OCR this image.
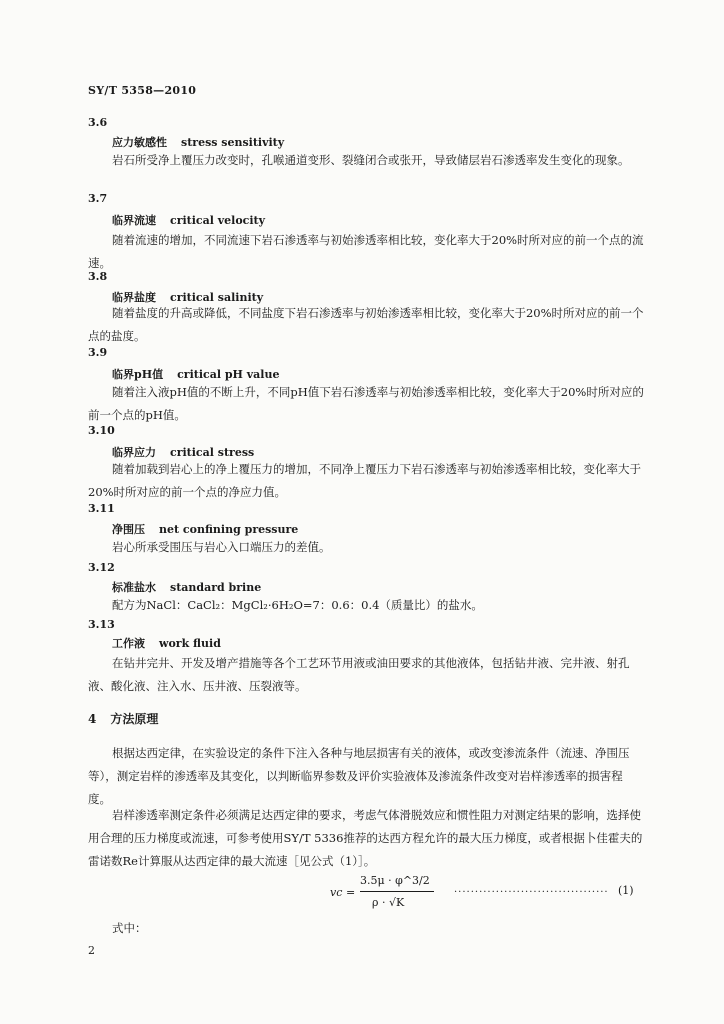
SY/T 5358—2010
3.6
应力敏感性 stress sensitivity
岩石所受净上覆压力改变时，孔喉通道变形、裂缝闭合或张开，导致储层岩石渗透率发生变化的现象。
3.7
临界流速 critical velocity
随着流速的增加，不同流速下岩石渗透率与初始渗透率相比较，变化率大于20%时所对应的前一个点的流速。
3.8
临界盐度 critical salinity
随着盐度的升高或降低，不同盐度下岩石渗透率与初始渗透率相比较，变化率大于20%时所对应的前一个点的盐度。
3.9
临界pH值 critical pH value
随着注入液pH值的不断上升，不同pH值下岩石渗透率与初始渗透率相比较，变化率大于20%时所对应的前一个点的pH值。
3.10
临界应力 critical stress
随着加载到岩心上的净上覆压力的增加，不同净上覆压力下岩石渗透率与初始渗透率相比较，变化率大于20%时所对应的前一个点的净应力值。
3.11
净围压 net confining pressure
岩心所承受围压与岩心入口端压力的差值。
3.12
标准盐水 standard brine
配方为NaCl：CaCl₂：MgCl₂·6H₂O=7：0.6：0.4（质量比）的盐水。
3.13
工作液 work fluid
在钻井完井、开发及增产措施等各个工艺环节用液或油田要求的其他液体，包括钻井液、完井液、射孔液、酸化液、注入水、压井液、压裂液等。
4 方法原理
根据达西定律，在实验设定的条件下注入各种与地层损害有关的液体，或改变渗流条件（流速、净围压等），测定岩样的渗透率及其变化，以判断临界参数及评价实验液体及渗流条件改变对岩样渗透率的损害程度。
岩样渗透率测定条件必须满足达西定律的要求，考虑气体滑脱效应和惯性阻力对测定结果的影响，选择使用合理的压力梯度或流速，可参考使用SY/T 5336推荐的达西方程允许的最大压力梯度，或者根据卜佳霍夫的雷诺数Re计算服从达西定律的最大流速［见公式（1）］。
vc =
3.5μ · φ^3/2
ρ · √K
..................................... (1)
式中：
2
